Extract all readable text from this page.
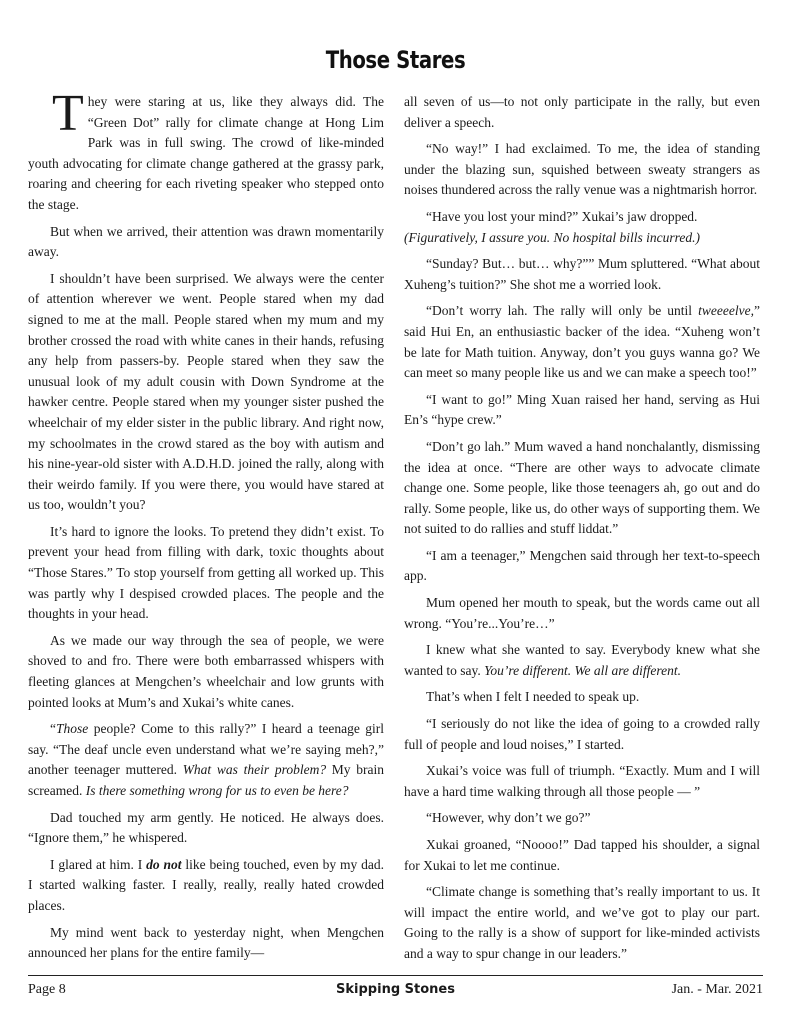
Those Stares

They were staring at us, like they always did. The “Green Dot” rally for climate change at Hong Lim Park was in full swing. The crowd of like-minded youth advocating for climate change gathered at the grassy park, roaring and cheering for each riveting speaker who stepped onto the stage.

But when we arrived, their attention was drawn momentarily away.

I shouldn’t have been surprised. We always were the center of attention wherever we went. People stared when my dad signed to me at the mall. People stared when my mum and my brother crossed the road with white canes in their hands, refusing any help from passers-by. People stared when they saw the unusual look of my adult cousin with Down Syndrome at the hawker centre. People stared when my younger sister pushed the wheelchair of my elder sister in the public library. And right now, my schoolmates in the crowd stared as the boy with autism and his nine-year-old sister with A.D.H.D. joined the rally, along with their weirdo family. If you were there, you would have stared at us too, wouldn’t you?

It’s hard to ignore the looks. To pretend they didn’t exist. To prevent your head from filling with dark, toxic thoughts about “Those Stares.” To stop yourself from getting all worked up. This was partly why I despised crowded places. The people and the thoughts in your head.

As we made our way through the sea of people, we were shoved to and fro. There were both embarrassed whispers with fleeting glances at Mengchen’s wheelchair and low grunts with pointed looks at Mum’s and Xukai’s white canes.

“Those people? Come to this rally?” I heard a teenage girl say. “The deaf uncle even understand what we’re saying meh?,” another teenager muttered. What was their problem? My brain screamed. Is there something wrong for us to even be here?

Dad touched my arm gently. He noticed. He always does. “Ignore them,” he whispered.

I glared at him. I do not like being touched, even by my dad. I started walking faster. I really, really, really hated crowded places.

My mind went back to yesterday night, when Mengchen announced her plans for the entire family—

all seven of us—to not only participate in the rally, but even deliver a speech.

“No way!” I had exclaimed. To me, the idea of standing under the blazing sun, squished between sweaty strangers as noises thundered across the rally venue was a nightmarish horror.

“Have you lost your mind?” Xukai’s jaw dropped.
(Figuratively, I assure you. No hospital bills incurred.)

“Sunday? But… but… why?”” Mum spluttered. “What about Xuheng’s tuition?” She shot me a worried look.

“Don’t worry lah. The rally will only be until tweeeelve,” said Hui En, an enthusiastic backer of the idea. “Xuheng won’t be late for Math tuition. Anyway, don’t you guys wanna go? We can meet so many people like us and we can make a speech too!”

“I want to go!” Ming Xuan raised her hand, serving as Hui En’s “hype crew.”

“Don’t go lah.” Mum waved a hand nonchalantly, dismissing the idea at once. “There are other ways to advocate climate change one. Some people, like those teenagers ah, go out and do rally. Some people, like us, do other ways of supporting them. We not suited to do rallies and stuff liddat.”

“I am a teenager,” Mengchen said through her text-to-speech app.

Mum opened her mouth to speak, but the words came out all wrong. “You’re...You’re…”

I knew what she wanted to say. Everybody knew what she wanted to say. You’re different. We all are different.

That’s when I felt I needed to speak up.

“I seriously do not like the idea of going to a crowded rally full of people and loud noises,” I started.

Xukai’s voice was full of triumph. “Exactly. Mum and I will have a hard time walking through all those people — ”

“However, why don’t we go?”

Xukai groaned, “Noooo!” Dad tapped his shoulder, a signal for Xukai to let me continue.

“Climate change is something that’s really important to us. It will impact the entire world, and we’ve got to play our part. Going to the rally is a show of support for like-minded activists and a way to spur change in our leaders.”

Page 8	Skipping Stones	Jan. - Mar. 2021
